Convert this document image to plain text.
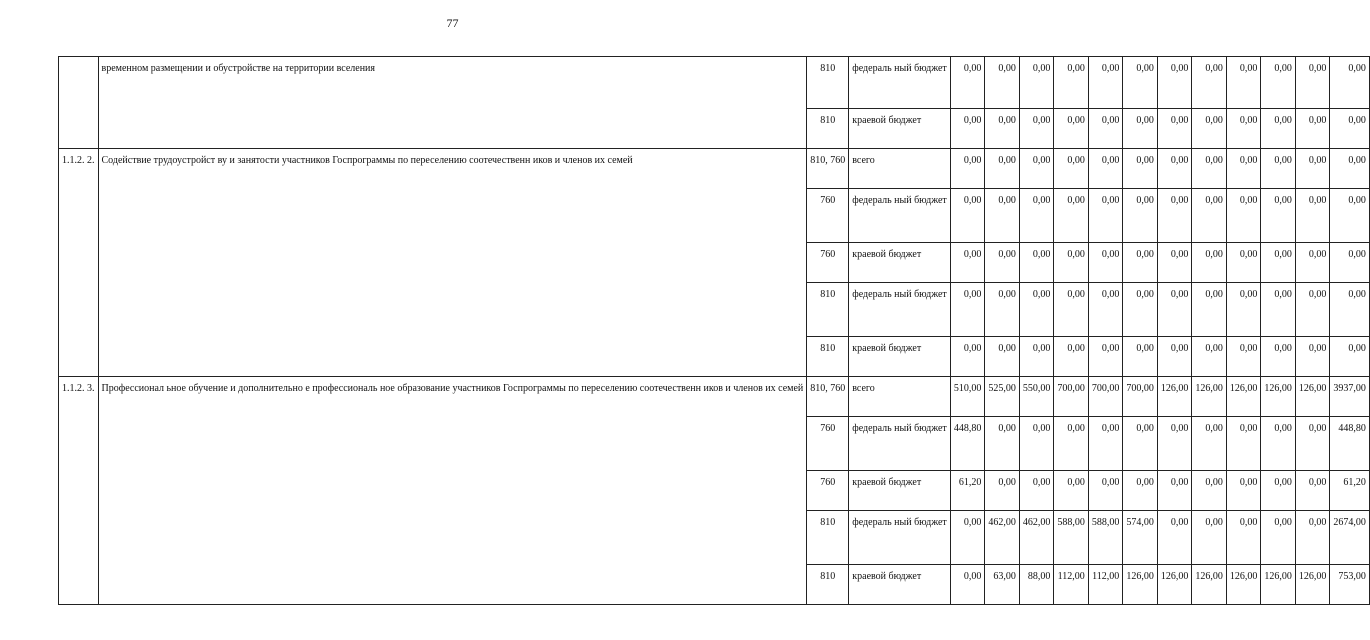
77
	временном размещении и обустройстве на территории вселения	810	федераль ный бюджет	0,00	0,00	0,00	0,00	0,00	0,00	0,00	0,00	0,00	0,00	0,00	0,00
		810	краевой бюджет	0,00	0,00	0,00	0,00	0,00	0,00	0,00	0,00	0,00	0,00	0,00	0,00
1.1.2. 2.	Содействие трудоустройст ву и занятости участников Госпрограммы по переселению соотечественн иков и членов их семей	810, 760	всего	0,00	0,00	0,00	0,00	0,00	0,00	0,00	0,00	0,00	0,00	0,00	0,00
		760	федераль ный бюджет	0,00	0,00	0,00	0,00	0,00	0,00	0,00	0,00	0,00	0,00	0,00	0,00
		760	краевой бюджет	0,00	0,00	0,00	0,00	0,00	0,00	0,00	0,00	0,00	0,00	0,00	0,00
		810	федераль ный бюджет	0,00	0,00	0,00	0,00	0,00	0,00	0,00	0,00	0,00	0,00	0,00	0,00
		810	краевой бюджет	0,00	0,00	0,00	0,00	0,00	0,00	0,00	0,00	0,00	0,00	0,00	0,00
1.1.2. 3.	Профессионал ьное обучение и дополнительно е профессиональ ное образование участников Госпрограммы по переселению соотечественн иков и членов их семей	810, 760	всего	510,00	525,00	550,00	700,00	700,00	700,00	126,00	126,00	126,00	126,00	126,00	3937,00
		760	федераль ный бюджет	448,80	0,00	0,00	0,00	0,00	0,00	0,00	0,00	0,00	0,00	0,00	448,80
		760	краевой бюджет	61,20	0,00	0,00	0,00	0,00	0,00	0,00	0,00	0,00	0,00	0,00	61,20
		810	федераль ный бюджет	0,00	462,00	462,00	588,00	588,00	574,00	0,00	0,00	0,00	0,00	0,00	2674,00
		810	краевой бюджет	0,00	63,00	88,00	112,00	112,00	126,00	126,00	126,00	126,00	126,00	126,00	753,00
